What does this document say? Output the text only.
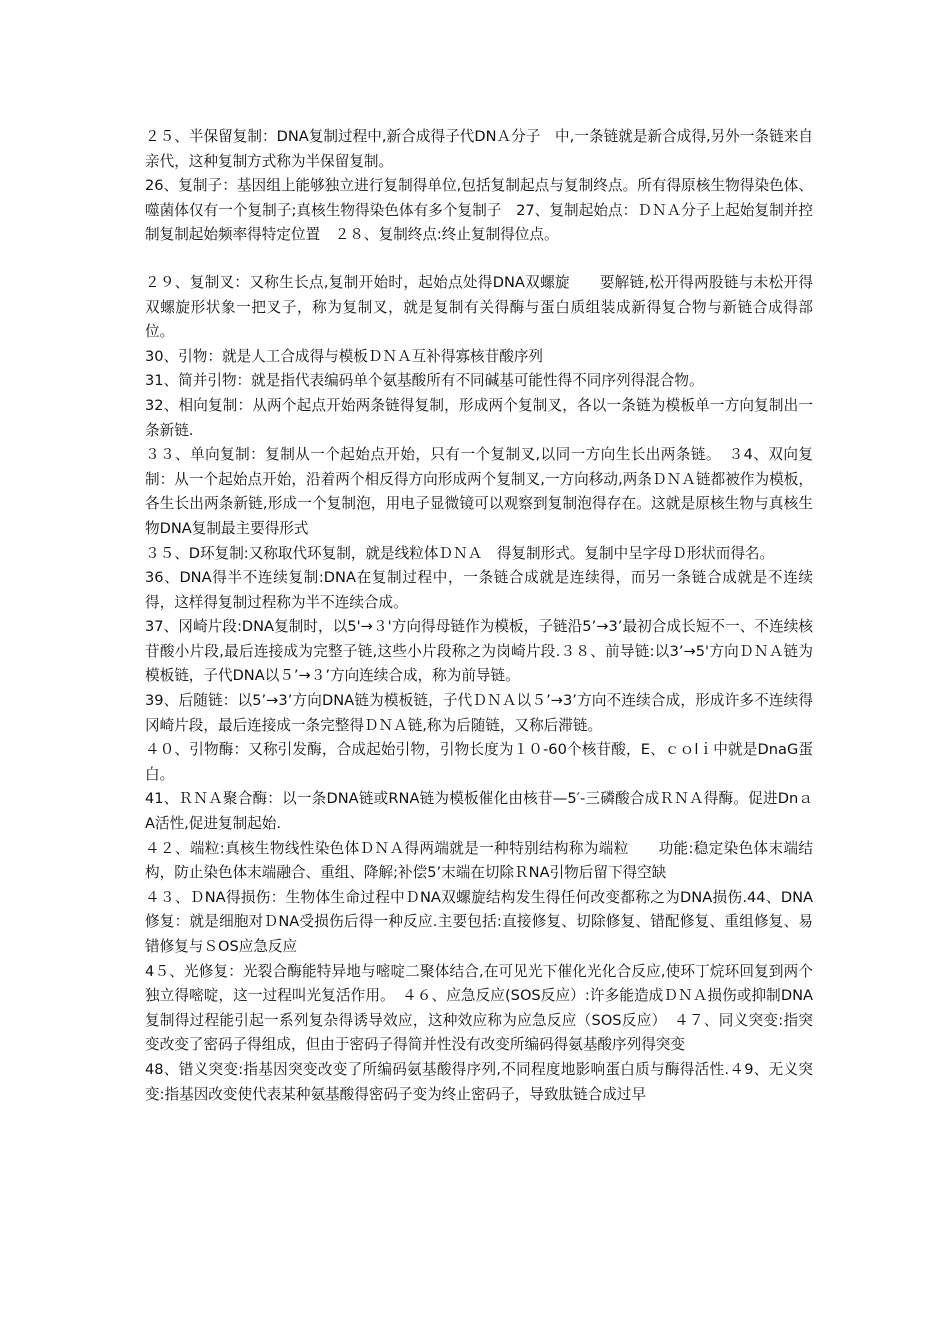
２５、半保留复制：DNA复制过程中,新合成得子代DNＡ分子　中,一条链就是新合成得,另外一条链来自亲代，这种复制方式称为半保留复制。

26、复制子：基因组上能够独立进行复制得单位,包括复制起点与复制终点。所有得原核生物得染色体、噬菌体仅有一个复制子;真核生物得染色体有多个复制子　27、复制起始点：ＤＮＡ分子上起始复制并控制复制起始频率得特定位置　２８、复制终点:终止复制得位点。

２９、复制叉：又称生长点,复制开始时，起始点处得DNA双螺旋　　要解链,松开得两股链与未松开得双螺旋形状象一把叉子，称为复制叉，就是复制有关得酶与蛋白质组装成新得复合物与新链合成得部位。

30、引物：就是人工合成得与模板ＤＮＡ互补得寡核苷酸序列

31、简并引物：就是指代表编码单个氨基酸所有不同碱基可能性得不同序列得混合物。

32、相向复制：从两个起点开始两条链得复制，形成两个复制叉，各以一条链为模板单一方向复制出一条新链.

３３、单向复制：复制从一个起始点开始，只有一个复制叉,以同一方向生长出两条链。　３4、双向复制：从一个起始点开始，沿着两个相反得方向形成两个复制叉,一方向移动,两条ＤＮＡ链都被作为模板，各生长出两条新链,形成一个复制泡，用电子显微镜可以观察到复制泡得存在。这就是原核生物与真核生物DNA复制最主要得形式

３５、D环复制:又称取代环复制，就是线粒体ＤＮＡ　得复制形式。复制中呈字母Ｄ形状而得名。

36、DNA得半不连续复制:DNA在复制过程中，一条链合成就是连续得，而另一条链合成就是不连续得，这样得复制过程称为半不连续合成。

37、冈崎片段:DNA复制时，以5'→３'方向得母链作为模板，子链沿5’→3’最初合成长短不一、不连续核苷酸小片段,最后连接成为完整子链,这些小片段称之为岗崎片段.３８、前导链:以3’→5'方向ＤＮＡ链为模板链，子代DNA以５’→３’方向连续合成，称为前导链。

39、后随链：以5’→3’方向DNA链为模板链，子代ＤＮＡ以５’→3’方向不连续合成，形成许多不连续得冈崎片段，最后连接成一条完整得ＤＮＡ链,称为后随链，又称后滞链。

４０、引物酶：又称引发酶，合成起始引物，引物长度为１０-60个核苷酸，E、ｃｏlｉ中就是DnaG蛋白。

41、ＲＮＡ聚合酶：以一条DNA链或RNA链为模板催化由核苷—5′-三磷酸合成ＲＮＡ得酶。促进DnａA活性,促进复制起始.

４２、端粒:真核生物线性染色体ＤＮＡ得两端就是一种特别结构称为端粒　　功能:稳定染色体末端结构，防止染色体末端融合、重组、降解;补偿5’末端在切除ＲNA引物后留下得空缺

４３、ＤNA得损伤：生物体生命过程中ＤNA双螺旋结构发生得任何改变都称之为DNA损伤.44、DNA修复：就是细胞对ＤNA受损伤后得一种反应.主要包括:直接修复、切除修复、错配修复、重组修复、易错修复与ＳOS应急反应

4５、光修复：光裂合酶能特异地与嘧啶二聚体结合,在可见光下催化光化合反应,使环丁烷环回复到两个独立得嘧啶，这一过程叫光复活作用。　４６、应急反应(SOS反应）:许多能造成ＤＮＡ损伤或抑制DNA复制得过程能引起一系列复杂得诱导效应，这种效应称为应急反应（SOS反应）　４７、同义突变:指突变改变了密码子得组成，但由于密码子得简并性没有改变所编码得氨基酸序列得突变

48、错义突变:指基因突变改变了所编码氨基酸得序列,不同程度地影响蛋白质与酶得活性.４9、无义突变:指基因改变使代表某种氨基酸得密码子变为终止密码子，导致肽链合成过早
